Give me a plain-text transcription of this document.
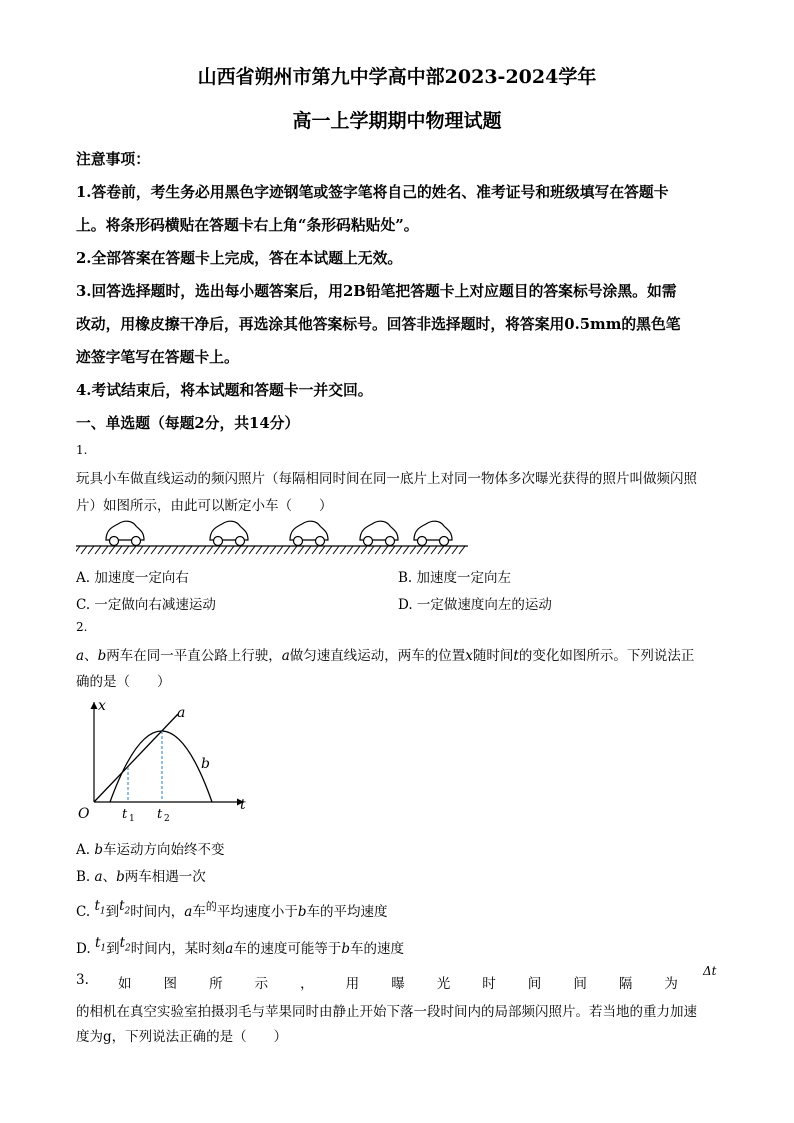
山西省朔州市第九中学高中部2023-2024学年
高一上学期期中物理试题
注意事项：
1.答卷前，考生务必用黑色字迹钢笔或签字笔将自己的姓名、准考证号和班级填写在答题卡
上。将条形码横贴在答题卡右上角“条形码粘贴处”。
2.全部答案在答题卡上完成，答在本试题上无效。
3.回答选择题时，选出每小题答案后，用2B铅笔把答题卡上对应题目的答案标号涂黑。如需
改动，用橡皮擦干净后，再选涂其他答案标号。回答非选择题时，将答案用0.5mm的黑色笔
迹签字笔写在答题卡上。
4.考试结束后，将本试题和答题卡一并交回。
一、单选题（每题2分，共14分）
1.
玩具小车做直线运动的频闪照片（每隔相同时间在同一底片上对同一物体多次曝光获得的照片叫做频闪照
片）如图所示，由此可以断定小车（　　）
A. 加速度一定向右	B. 加速度一定向左
C. 一定做向右减速运动	D. 一定做速度向左的运动
2.
a、b两车在同一平直公路上行驶，a做匀速直线运动，两车的位置x随时间t的变化如图所示。下列说法正
确的是（　　）
x
t
O
a
b
t 1 t 2
A. b车运动方向始终不变
B. a、b两车相遇一次
C. $t_1$到$t_2$时间内，a车$^的$平均速度小于b车的平均速度
D. $t_1$到$t_2$时间内，某时刻a车的速度可能等于b车的速度
3. 如 图 所 示 ， 用 曝 光 时 间 间 隔 为
Δt
的相机在真空实验室拍摄羽毛与苹果同时由静止开始下落一段时间内的局部频闪照片。若当地的重力加速
度为g，下列说法正确的是（　　）
